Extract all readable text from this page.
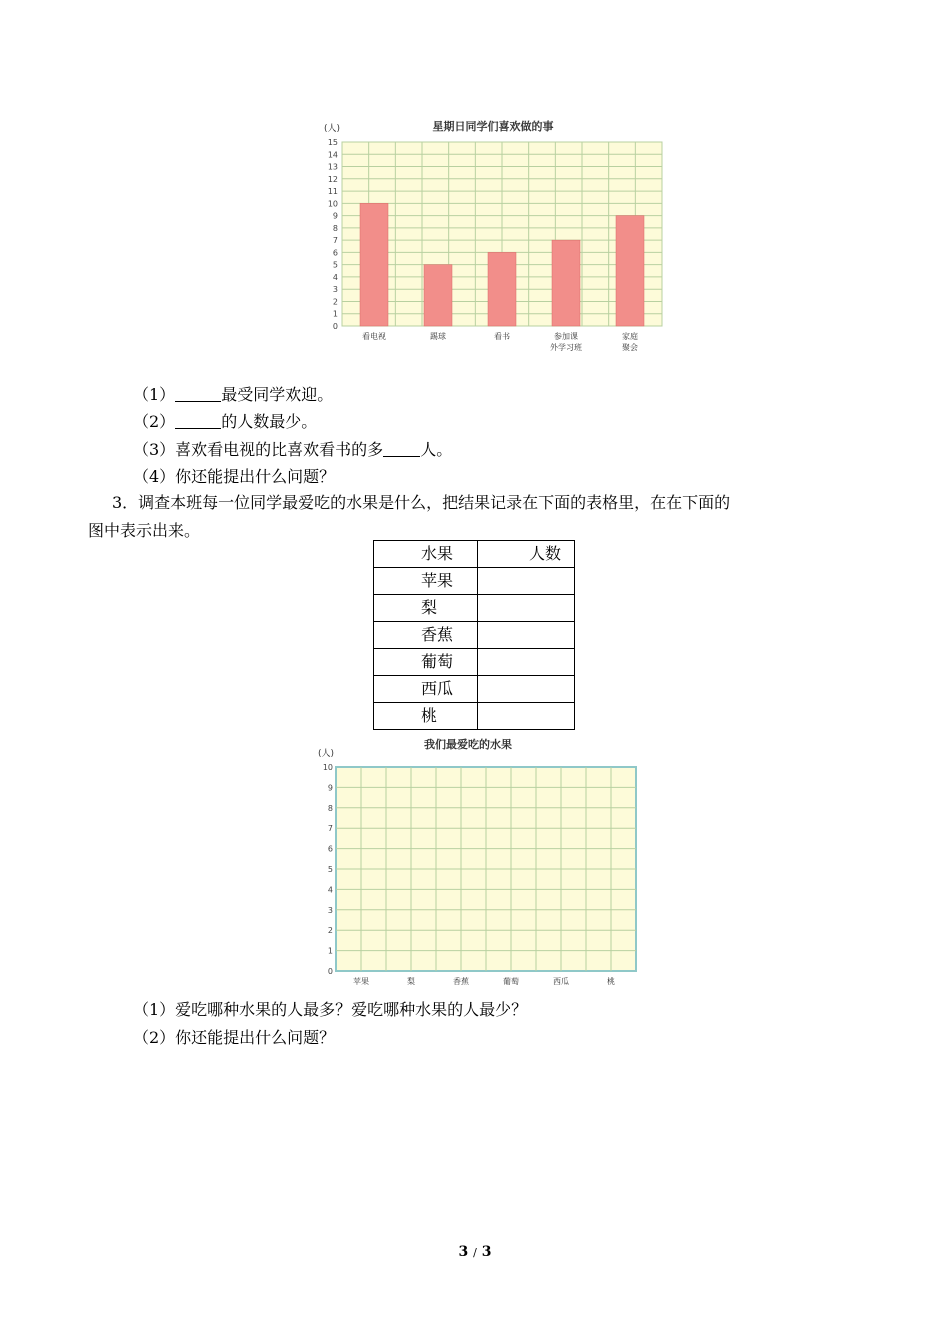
星期日同学们喜欢做的事
(人)
0
1
2
3
4
5
6
7
8
9
10
11
12
13
14
15
看电视	踢球	看书	参加课
外学习班
家庭
聚会
（1）	最受同学欢迎。
（2）	的人数最少。
（3）喜欢看电视的比喜欢看书的多 人。
（4）你还能提出什么问题？
3．调查本班每一位同学最爱吃的水果是什么，把结果记录在下面的表格里，在在下面的
图中表示出来。
水果	人数
苹果	
梨	
香蕉	
葡萄	
西瓜	
桃	
我们最爱吃的水果
(人)
0
1
2
3
4
5
6
7
8
9
10
苹果	梨	香蕉	葡萄	西瓜	桃
（1）爱吃哪种水果的人最多？爱吃哪种水果的人最少？
（2）你还能提出什么问题？
3 / 3
